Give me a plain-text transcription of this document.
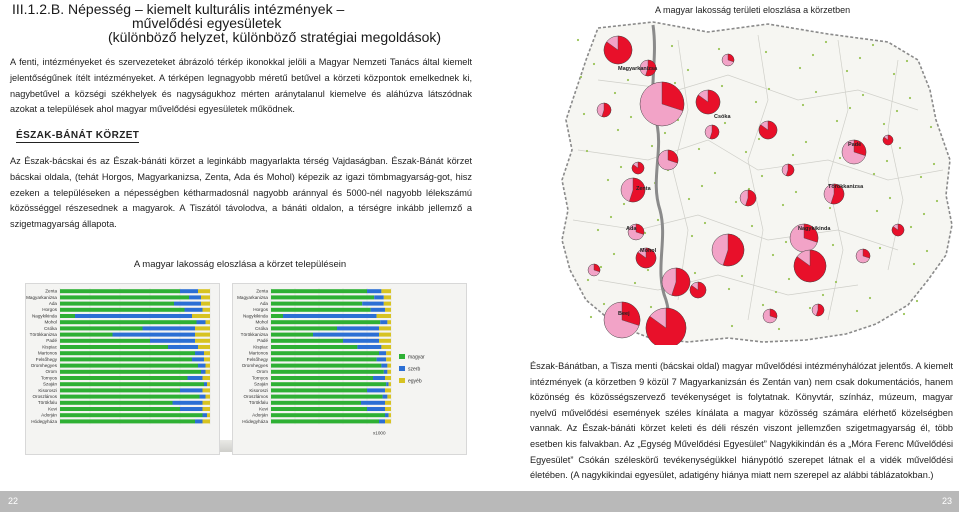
III.1.2.B. Népesség – kiemelt kulturális intézmények –
művelődési egyesületek
(különböző helyzet, különböző stratégiai megoldások)

A fenti, intézményeket és szervezeteket ábrázoló térkép ikonokkal jelöli a Magyar Nemzeti Tanács által kiemelt jelentőségűnek ítélt intézményeket. A térképen legnagyobb méretű betűvel a körzeti központok emelkednek ki, nagybetűvel a községi székhelyek és nagyságukhoz mérten aránytalanul kiemelve és aláhúzva látszódnak azokat a települések ahol magyar művelődési egyesületek működnek.

ÉSZAK-BÁNÁT KÖRZET

Az Észak-bácskai és az Észak-bánáti körzet a leginkább magyarlakta térség Vajdaságban. Észak-Bánát körzet bácskai oldala, (tehát Horgos, Magyarkanizsa, Zenta, Ada és Mohol) képezik az igazi tömbmagyarság-got, hisz ezeken a településeken a népességben kétharmadosnál nagyobb aránnyal és 5000-nél nagyobb lélekszámú közösséggel részesednek a magyarok. A Tiszától távolodva, a bánáti oldalon, a térségre inkább jellemző a szigetmagyarság állapota.

A magyar lakosság eloszlása a körzet településein
Zenta
Magyarkanizsa
Ada
Horgos
Nagykikinda
Mohol
Csóka
Törökkanizsa
Padé
Kispiac
Martonos
Felsőhegy
Oromhegyes
Orom
Tornyos
Szaján
Kisoroszi
Oroszlámos
Törökfalu
Kevi
Adorján
Hódegyháza
Zenta
Magyarkanizsa
Ada
Horgos
Nagykikinda
Mohol
Csóka
Törökkanizsa
Padé
Kispiac
Martonos
Felsőhegy
Oromhegyes
Orom
Tornyos
Szaján
Kisoroszi
Oroszlámos
Törökfalu
Kevi
Adorján
Hódegyháza
magyar
szerb
egyéb
x1000
A magyar lakosság területi eloszlása a körzetben
Magyarkanizsa
Zenta
Csóka
Ada
Mohol
Nagykikinda
Törökkanizsa
Padé
Beej

Észak-Bánátban, a Tisza menti (bácskai oldal) magyar művelődési intézményhálózat jelentős. A kiemelt intézmények (a körzetben 9 közül 7 Magyarkanizsán és Zentán van) nem csak dokumentációs, hanem közönség és közösségszervező tevékenységet is folytatnak. Könyvtár, színház, múzeum, magyar nyelvű művelődési események széles kínálata a magyar közösség számára elérhető közelségben vannak. Az Észak-bánáti körzet keleti és déli részén viszont jellemzően szigetmagyarság él, több esetben kis falvakban. Az „Egység Művelődési Egyesület” Nagykikindán és a „Móra Ferenc Művelődési Egyesület” Csókán széleskörű tevékenységükkel hiánypótló szerepet látnak el a vidék művelődési életében. (A nagykikindai egyesület, adatigény hiánya miatt nem szerepel az alábbi táblázatokban.)

22	23
